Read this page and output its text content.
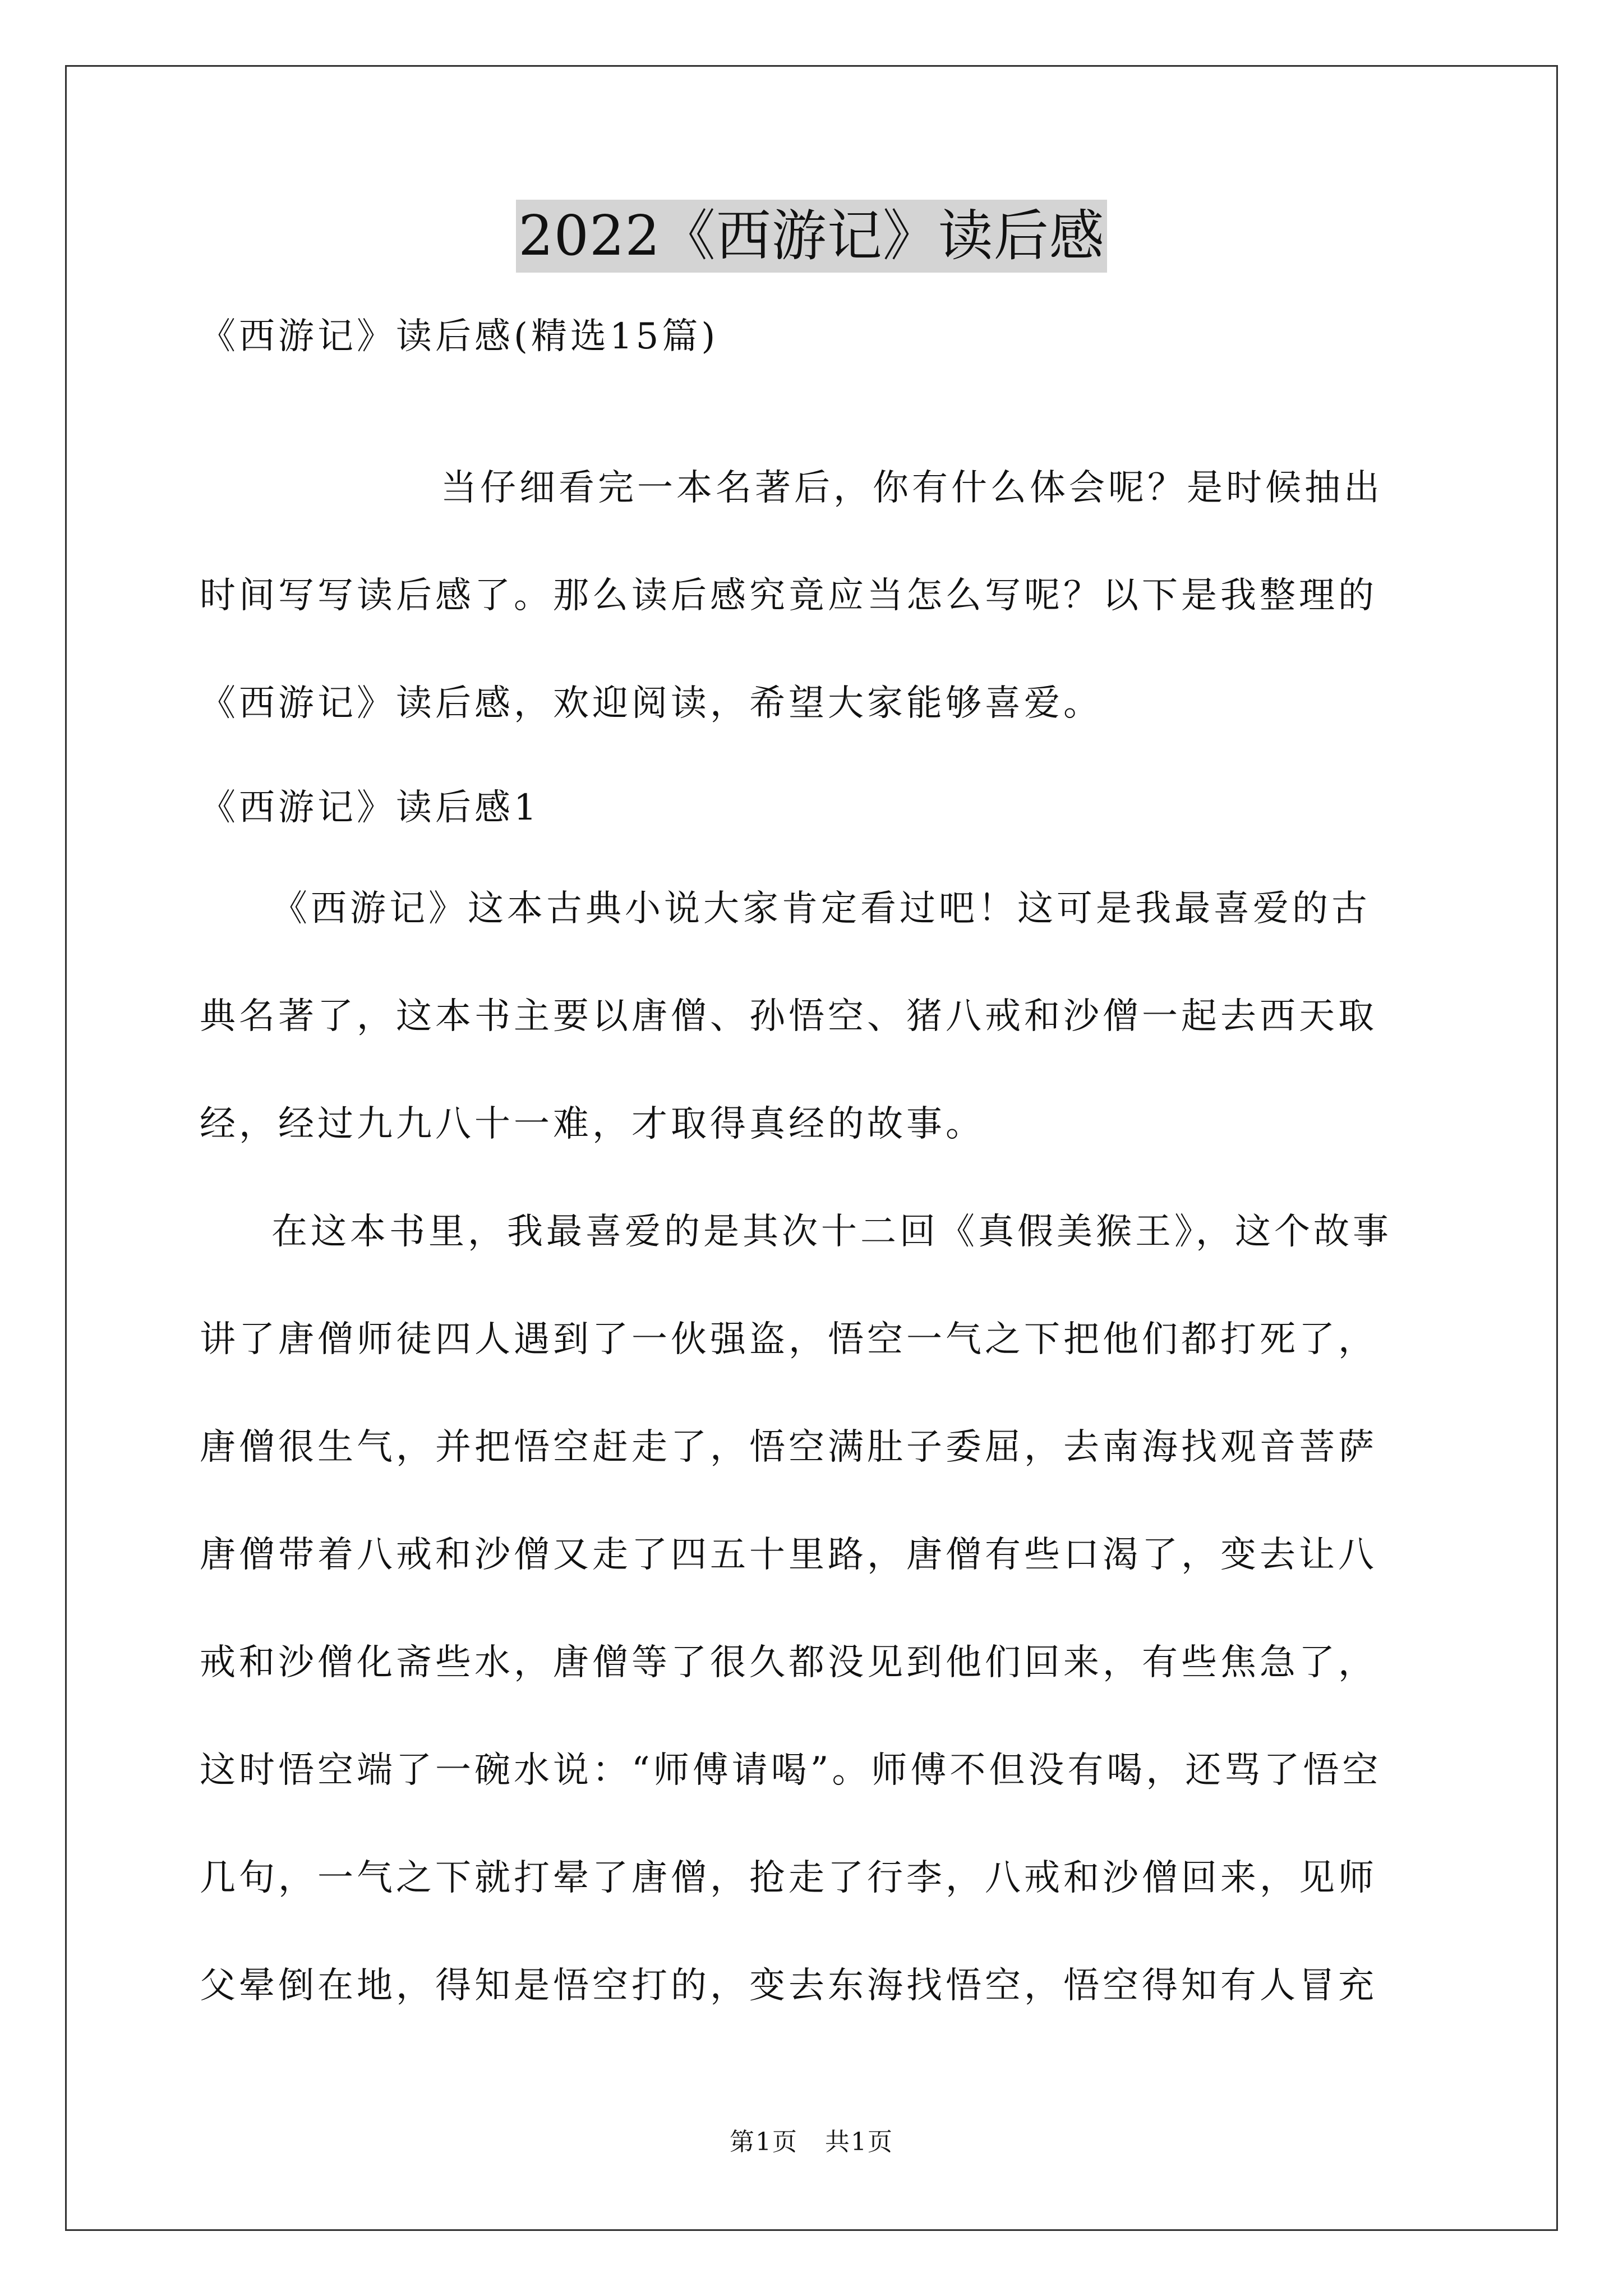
2022《西游记》读后感
《西游记》读后感(精选15篇)
当仔细看完一本名著后，你有什么体会呢？是时候抽出
时间写写读后感了。那么读后感究竟应当怎么写呢？以下是我整理的
《西游记》读后感，欢迎阅读，希望大家能够喜爱。
《西游记》读后感1
《西游记》这本古典小说大家肯定看过吧！这可是我最喜爱的古
典名著了，这本书主要以唐僧、孙悟空、猪八戒和沙僧一起去西天取
经，经过九九八十一难，才取得真经的故事。
在这本书里，我最喜爱的是其次十二回《真假美猴王》，这个故事
讲了唐僧师徒四人遇到了一伙强盗，悟空一气之下把他们都打死了，
唐僧很生气，并把悟空赶走了，悟空满肚子委屈，去南海找观音菩萨
唐僧带着八戒和沙僧又走了四五十里路，唐僧有些口渴了，变去让八
戒和沙僧化斋些水，唐僧等了很久都没见到他们回来，有些焦急了，
这时悟空端了一碗水说：“师傅请喝”。师傅不但没有喝，还骂了悟空
几句，一气之下就打晕了唐僧，抢走了行李，八戒和沙僧回来，见师
父晕倒在地，得知是悟空打的，变去东海找悟空，悟空得知有人冒充
第1页   共1页
